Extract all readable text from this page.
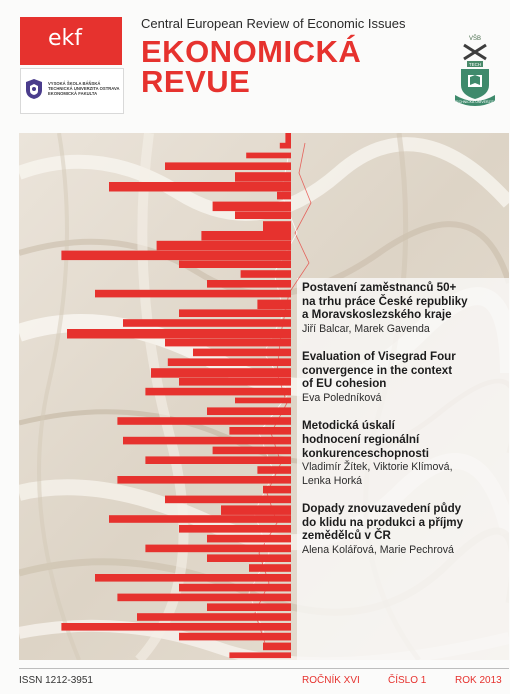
ekf
VYSOKÁ ŠKOLA BÁŇSKÁ
TECHNICKÁ UNIVERZITA OSTRAVA
EKONOMICKÁ FAKULTA
Central European Review of Economic Issues
EKONOMICKÁ
REVUE
VŠB
TECH
TECHNICKÁ UNIVERZITA
Postavení zaměstnanců 50+
na trhu práce České republiky
a Moravskoslezského kraje
Jiří Balcar, Marek Gavenda
Evaluation of Visegrad Four
convergence in the context
of EU cohesion
Eva Poledníková
Metodická úskalí
hodnocení regionální
konkurenceschopnosti
Vladimír Žítek, Viktorie Klímová,
Lenka Horká
Dopady znovuzavedení půdy
do klidu na produkci a příjmy
zemědělců v ČR
Alena Kolářová, Marie Pechrová
ISSN 1212-3951	ROČNÍK XVI	ČÍSLO 1	ROK 2013
